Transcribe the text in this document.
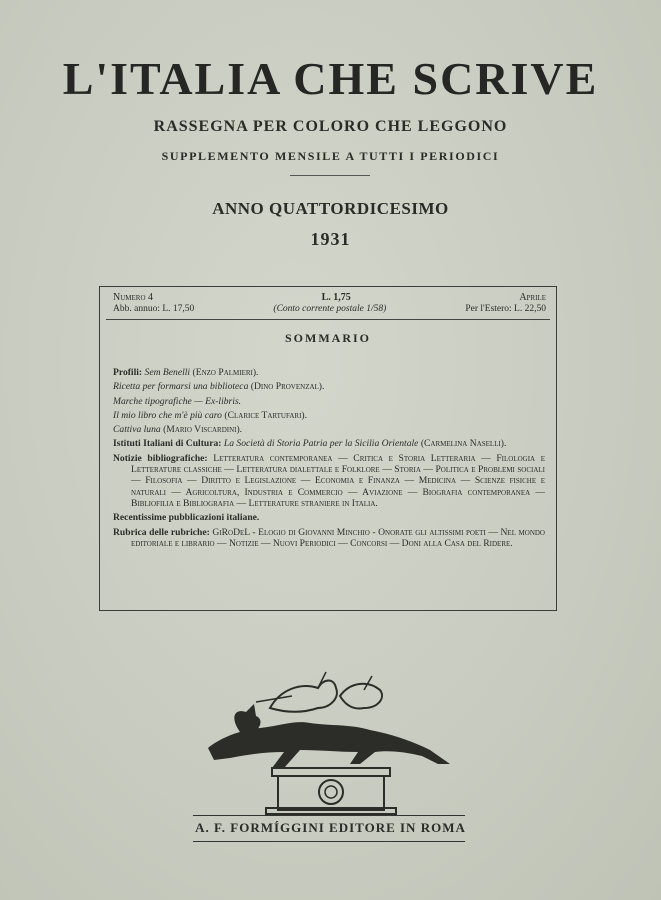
L'ITALIA CHE SCRIVE
RASSEGNA PER COLORO CHE LEGGONO
SUPPLEMENTO MENSILE A TUTTI I PERIODICI
ANNO QUATTORDICESIMO
1931
Numero 4	L. 1,75	Aprile
Abb. annuo: L. 17,50	(Conto corrente postale 1/58)	Per l'Estero: L. 22,50
SOMMARIO
Profili: Sem Benelli (Enzo Palmieri).
Ricetta per formarsi una biblioteca (Dino Provenzal).
Marche tipografiche — Ex-libris.
Il mio libro che m'è più caro (Clarice Tartufari).
Cattiva luna (Mario Viscardini).
Istituti Italiani di Cultura: La Società di Storia Patria per la Sicilia Orientale (Carmelina Naselli).
Notizie bibliografiche: Letteratura contemporanea — Critica e Storia Letteraria — Filologia e Letterature classiche — Letteratura dialettale e Folklore — Storia — Politica e Problemi sociali — Filosofia — Diritto e Legislazione — Economia e Finanza — Medicina — Scienze fisiche e naturali — Agricoltura, Industria e Commercio — Aviazione — Biografia contemporanea — Bibliofilia e Bibliografia — Letterature straniere in Italia.
Recentissime pubblicazioni italiane.
Rubrica delle rubriche: GiRoDeL - Elogio di Giovanni Minchio - Onorate gli altissimi poeti — Nel mondo editoriale e librario — Notizie — Nuovi Periodici — Concorsi — Doni alla Casa del Ridere.
A. F. FORMÍGGINI EDITORE IN ROMA
